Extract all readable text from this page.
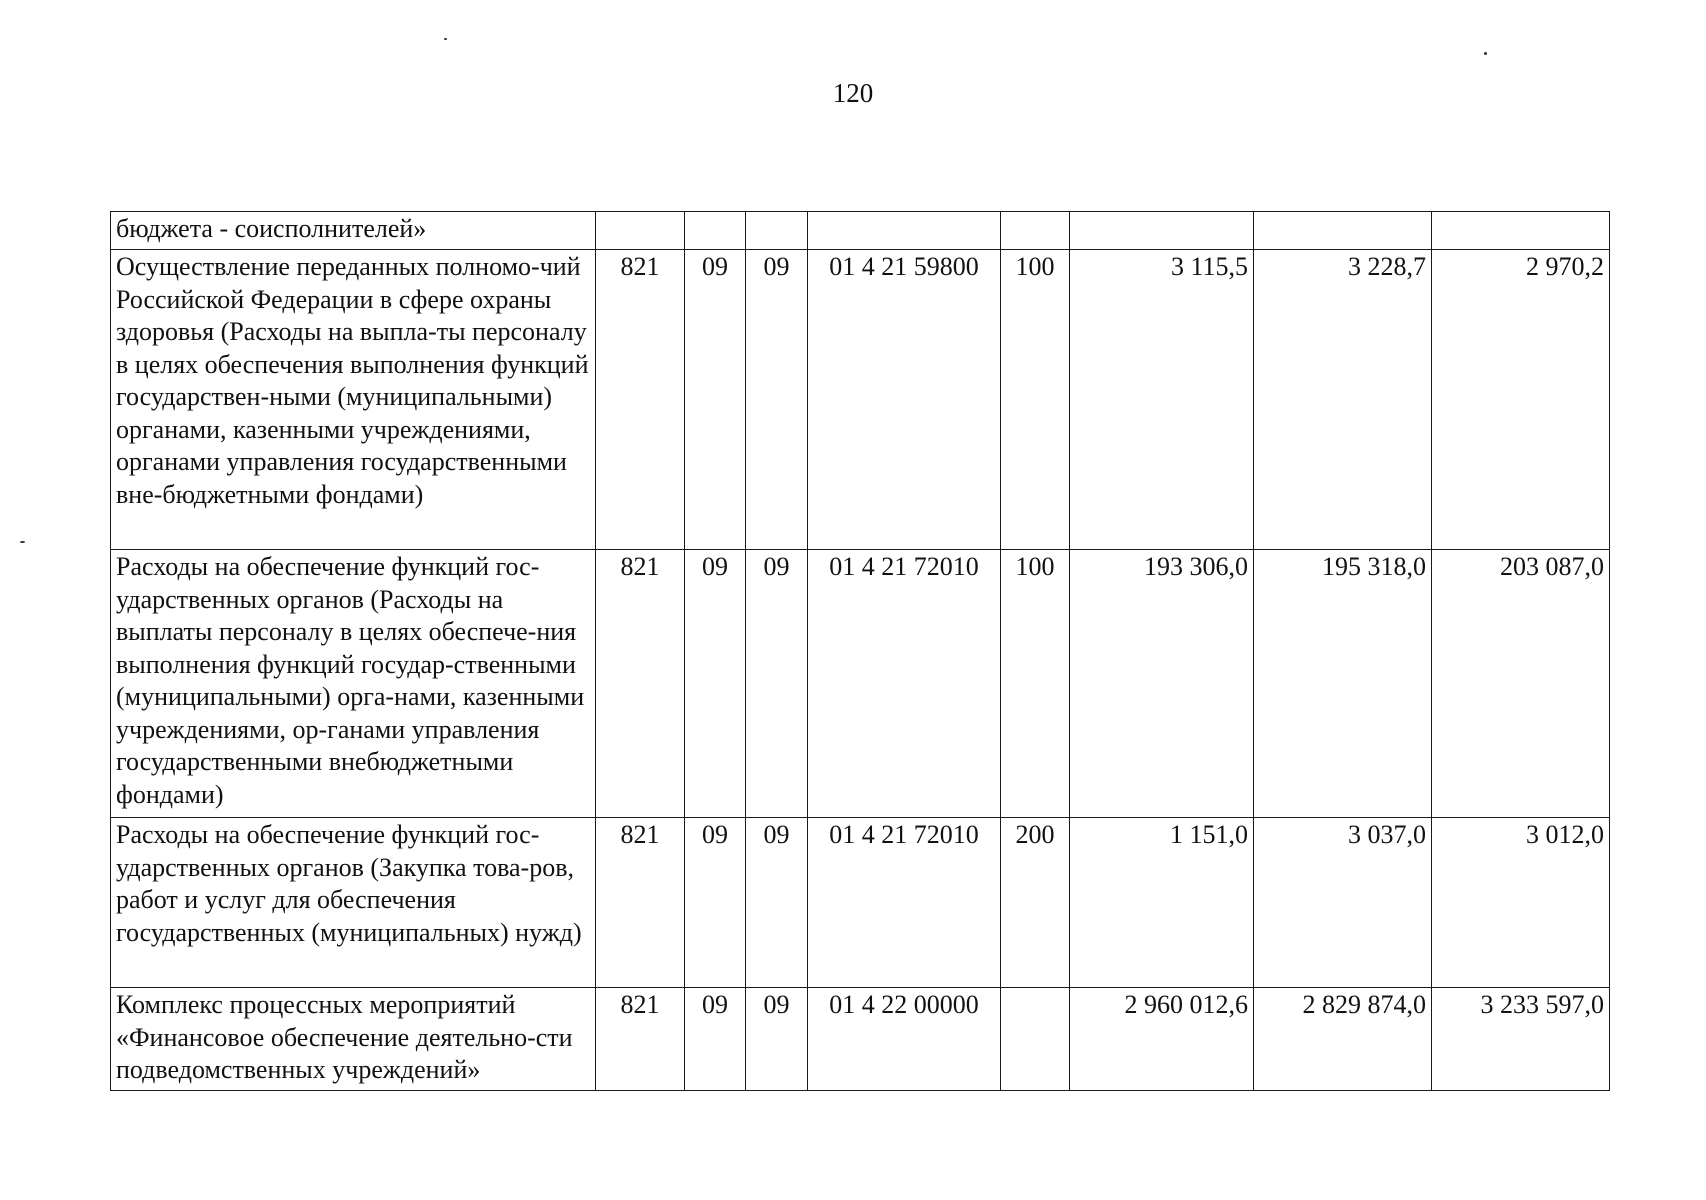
120
бюджета - соисполнителей»								
Осуществление переданных полномо-чий Российской Федерации в сфере охраны здоровья (Расходы на выпла-ты персоналу в целях обеспечения выполнения функций государствен-ными (муниципальными) органами, казенными учреждениями, органами управления государственными вне-бюджетными фондами)	821	09	09	01 4 21 59800	100	3 115,5	3 228,7	2 970,2
Расходы на обеспечение функций гос-ударственных органов (Расходы на выплаты персоналу в целях обеспече-ния выполнения функций государ-ственными (муниципальными) орга-нами, казенными учреждениями, ор-ганами управления государственными внебюджетными фондами)	821	09	09	01 4 21 72010	100	193 306,0	195 318,0	203 087,0
Расходы на обеспечение функций гос-ударственных органов (Закупка това-ров, работ и услуг для обеспечения государственных (муниципальных) нужд)	821	09	09	01 4 21 72010	200	1 151,0	3 037,0	3 012,0
Комплекс процессных мероприятий «Финансовое обеспечение деятельно-сти подведомственных учреждений»	821	09	09	01 4 22 00000		2 960 012,6	2 829 874,0	3 233 597,0
